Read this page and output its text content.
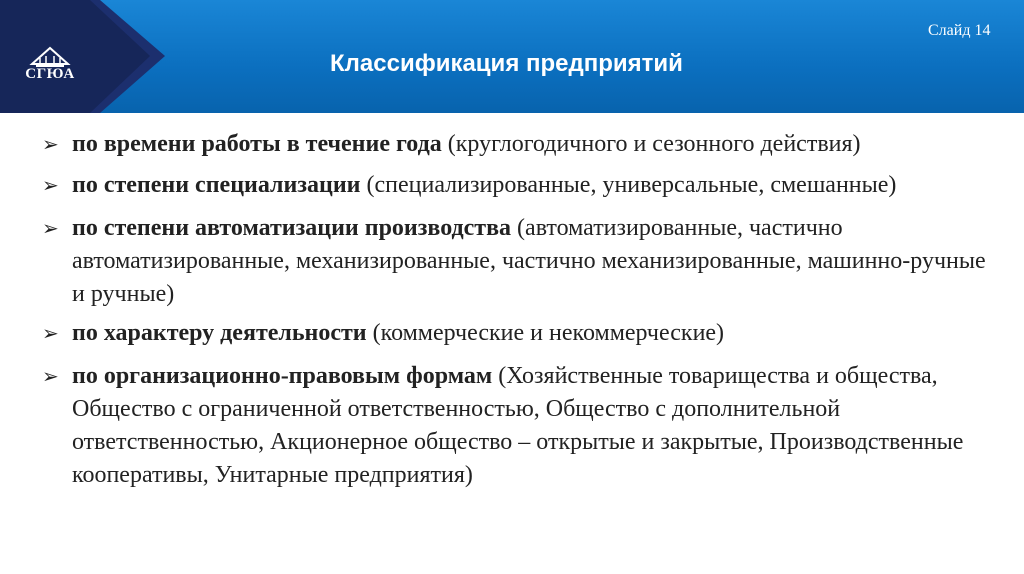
СГЮА	Классификация предприятий
Слайд 14
➢ по времени работы в течение года (круглогодичного и сезонного действия)
➢ по степени специализации (специализированные, универсальные, смешанные)
➢ по степени автоматизации производства (автоматизированные, частично автоматизированные, механизированные, частично механизированные, машинно-ручные и ручные)
➢ по характеру деятельности (коммерческие и некоммерческие)
➢ по организационно-правовым формам (Хозяйственные товарищества и общества, Общество с ограниченной ответственностью, Общество с дополнительной ответственностью, Акционерное общество – открытые и закрытые, Производственные кооперативы, Унитарные предприятия)
